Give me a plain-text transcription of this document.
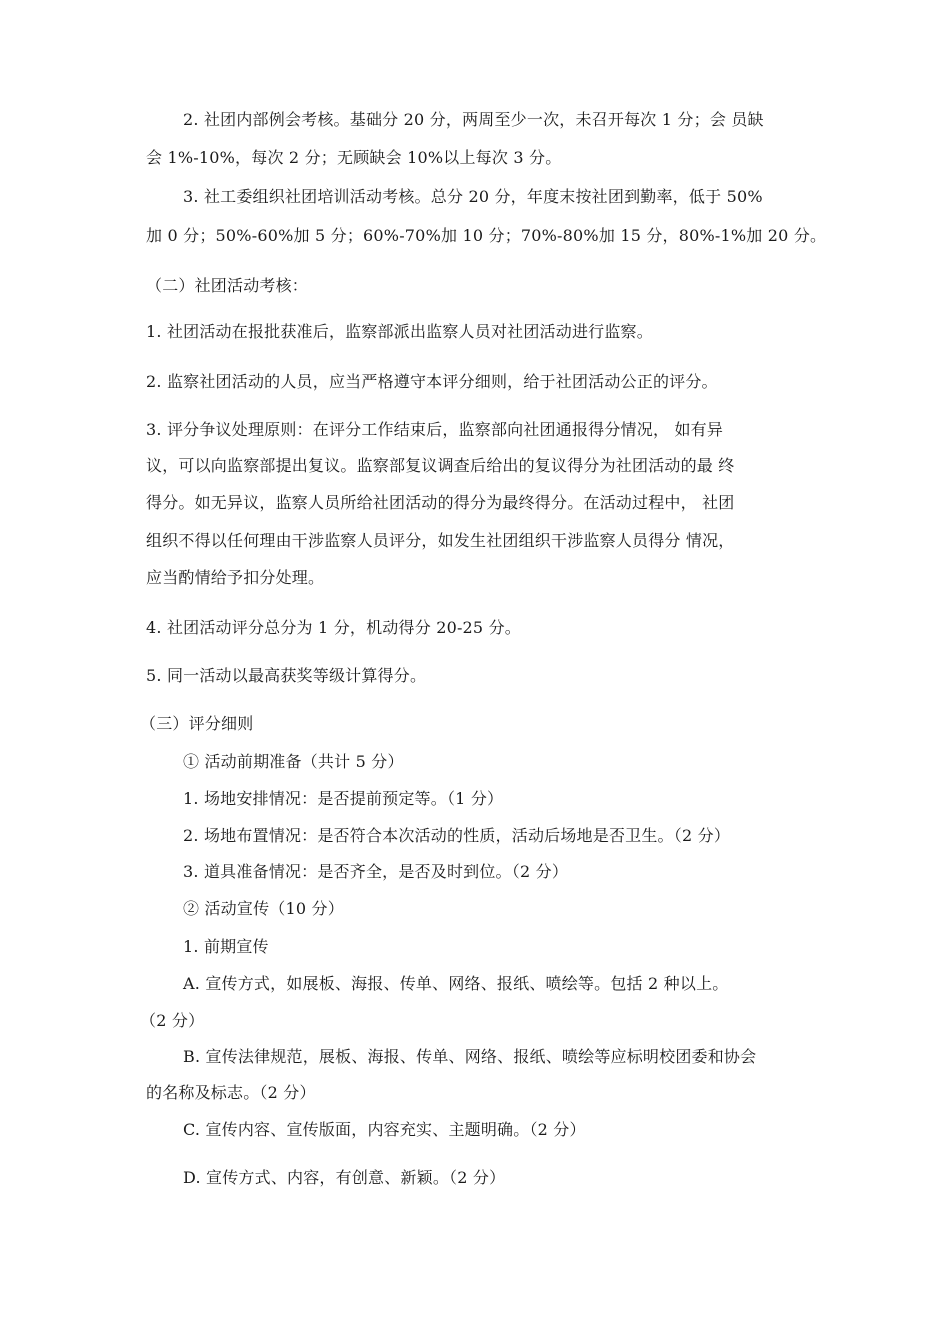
2. 社团内部例会考核。基础分 20 分，两周至少一次，未召开每次 1 分；会 员缺
会 1%-10%，每次 2 分；无顾缺会 10%以上每次 3 分。
3. 社工委组织社团培训活动考核。总分 20 分，年度末按社团到勤率，低于 50%
加 0 分；50%-60%加 5 分；60%-70%加 10 分；70%-80%加 15 分，80%-1%加 20 分。
（二）社团活动考核：
1. 社团活动在报批获准后，监察部派出监察人员对社团活动进行监察。
2. 监察社团活动的人员，应当严格遵守本评分细则，给于社团活动公正的评分。
3. 评分争议处理原则：在评分工作结束后，监察部向社团通报得分情况， 如有异
议，可以向监察部提出复议。监察部复议调查后给出的复议得分为社团活动的最 终
得分。如无异议，监察人员所给社团活动的得分为最终得分。在活动过程中， 社团
组织不得以任何理由干涉监察人员评分，如发生社团组织干涉监察人员得分 情况，
应当酌情给予扣分处理。
4. 社团活动评分总分为 1 分，机动得分 20-25 分。
5. 同一活动以最高获奖等级计算得分。
（三）评分细则
① 活动前期准备（共计 5 分）
1. 场地安排情况：是否提前预定等。（1 分）
2. 场地布置情况：是否符合本次活动的性质，活动后场地是否卫生。（2 分）
3. 道具准备情况：是否齐全，是否及时到位。（2 分）
② 活动宣传（10 分）
1. 前期宣传
A. 宣传方式，如展板、海报、传单、网络、报纸、喷绘等。包括 2 种以上。
（2 分）
B. 宣传法律规范，展板、海报、传单、网络、报纸、喷绘等应标明校团委和协会
的名称及标志。（2 分）
C. 宣传内容、宣传版面，内容充实、主题明确。（2 分）
D. 宣传方式、内容，有创意、新颖。（2 分）
